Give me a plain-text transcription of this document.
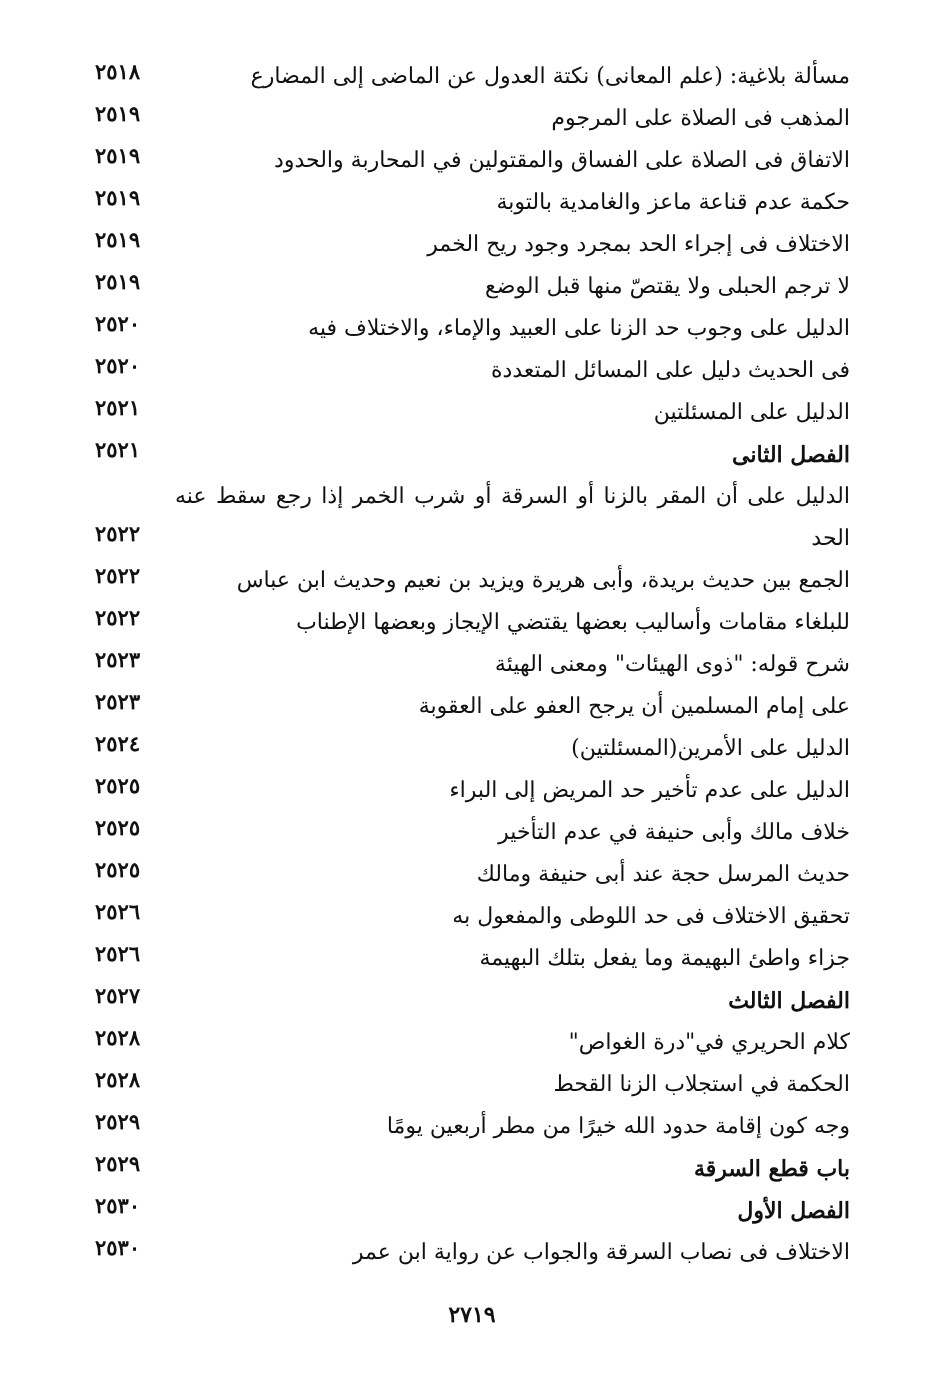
مسألة بلاغية: (علم المعانى) نكتة العدول عن الماضى إلى المضارع
٢٥١٨
المذهب فى الصلاة على المرجوم
٢٥١٩
الاتفاق فى الصلاة على الفساق والمقتولين في المحاربة والحدود
٢٥١٩
حكمة عدم قناعة ماعز والغامدية بالتوبة
٢٥١٩
الاختلاف فى إجراء الحد بمجرد وجود ريح الخمر
٢٥١٩
لا ترجم الحبلى ولا يقتصّ منها قبل الوضع
٢٥١٩
الدليل على وجوب حد الزنا على العبيد والإماء، والاختلاف فيه
٢٥٢٠
فى الحديث دليل على المسائل المتعددة
٢٥٢٠
الدليل على المسئلتين
٢٥٢١
الفصل الثانى
٢٥٢١
الدليل على أن المقر بالزنا أو السرقة أو شرب الخمر إذا رجع سقط عنه الحد
٢٥٢٢
الجمع بين حديث بريدة، وأبى هريرة ويزيد بن نعيم وحديث ابن عباس
٢٥٢٢
للبلغاء مقامات وأساليب بعضها يقتضي الإيجاز وبعضها الإطناب
٢٥٢٢
شرح قوله: "ذوى الهيئات" ومعنى الهيئة
٢٥٢٣
على إمام المسلمين أن يرجح العفو على العقوبة
٢٥٢٣
الدليل على الأمرين(المسئلتين)
٢٥٢٤
الدليل على عدم تأخير حد المريض إلى البراء
٢٥٢٥
خلاف مالك وأبى حنيفة في عدم التأخير
٢٥٢٥
حديث المرسل حجة عند أبى حنيفة ومالك
٢٥٢٥
تحقيق الاختلاف فى حد اللوطى والمفعول به
٢٥٢٦
جزاء واطئ البهيمة وما يفعل بتلك البهيمة
٢٥٢٦
الفصل الثالث
٢٥٢٧
كلام الحريري في"درة الغواص"
٢٥٢٨
الحكمة في استجلاب الزنا القحط
٢٥٢٨
وجه كون إقامة حدود الله خيرًا من مطر أربعين يومًا
٢٥٢٩
باب قطع السرقة
٢٥٢٩
الفصل الأول
٢٥٣٠
الاختلاف فى نصاب السرقة والجواب عن رواية ابن عمر
٢٥٣٠
٢٧١٩
